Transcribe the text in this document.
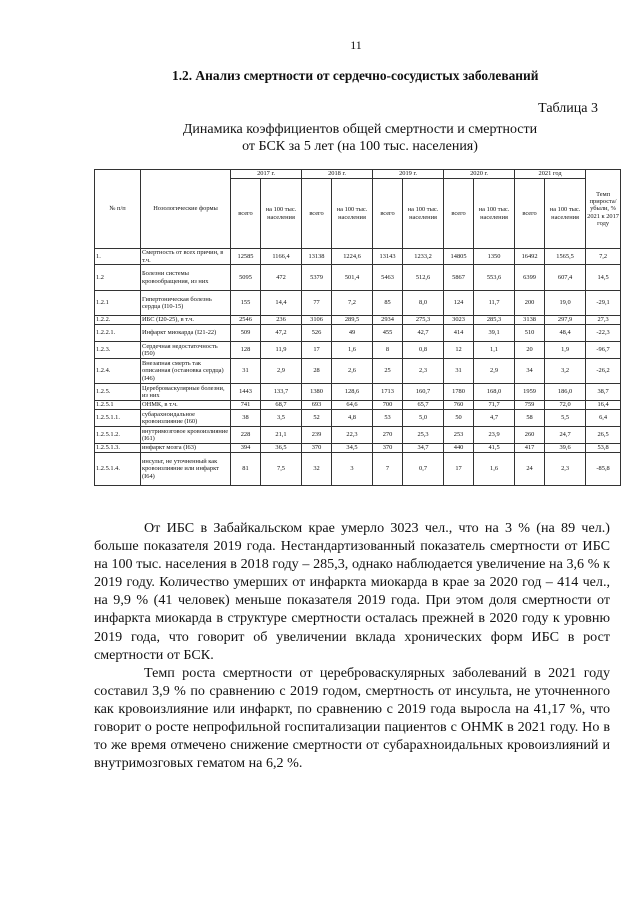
11
1.2. Анализ смертности от сердечно-сосудистых заболеваний
Таблица 3
Динамика коэффициентов общей смертности и смертности
от БСК за 5 лет (на 100 тыс. населения)
№ п/п	Нозологические формы	2017 г.		2018 г.		2019 г.		2020 г.		2021 год		Темп прироста/убыли, % 2021 к 2017 году
		всего	на 100 тыс. населения	всего	на 100 тыс. населения	всего	на 100 тыс. населения	всего	на 100 тыс. населения	всего	на 100 тыс. населения	
1.	Смертность от всех причин, в т.ч.	12585	1166,4	13138	1224,6	13143	1233,2	14805	1350	16492	1565,5	7,2
1.2	Болезни системы кровообращения, из них	5095	472	5379	501,4	5463	512,6	5867	553,6	6399	607,4	14,5
1.2.1	Гипертоническая болезнь сердца (I10-15)	155	14,4	77	7,2	85	8,0	124	11,7	200	19,0	-29,1
1.2.2.	ИБС (I20-25), в т.ч.	2546	236	3106	289,5	2934	275,3	3023	285,3	3138	297,9	27,3
1.2.2.1.	Инфаркт миокарда (I21-22)	509	47,2	526	49	455	42,7	414	39,1	510	48,4	-22,3
1.2.3.	Сердечная недостаточность (I50)	128	11,9	17	1,6	8	0,8	12	1,1	20	1,9	-96,7
1.2.4.	Внезапная смерть так описанная (остановка сердца) (I46)	31	2,9	28	2,6	25	2,3	31	2,9	34	3,2	-26,2
1.2.5.	Цереброваскулярные болезни, из них	1443	133,7	1380	128,6	1713	160,7	1780	168,0	1959	186,0	38,7
1.2.5.1	ОНМК, в т.ч.	741	68,7	693	64,6	700	65,7	760	71,7	759	72,0	16,4
1.2.5.1.1.	субарахноидальное кровоизлияние (I60)	38	3,5	52	4,8	53	5,0	50	4,7	58	5,5	6,4
1.2.5.1.2.	внутримозговое кровоизлияние (I61)	228	21,1	239	22,3	270	25,3	253	23,9	260	24,7	26,5
1.2.5.1.3.	инфаркт мозга (I63)	394	36,5	370	34,5	370	34,7	440	41,5	417	39,6	53,8
1.2.5.1.4.	инсульт, не уточненный как кровоизлияние или инфаркт (I64)	81	7,5	32	3	7	0,7	17	1,6	24	2,3	-85,8

От ИБС в Забайкальском крае умерло 3023 чел., что на 3 % (на 89 чел.) больше показателя 2019 года. Нестандартизованный показатель смертности от ИБС на 100 тыс. населения в 2018 году – 285,3, однако наблюдается увеличение на 3,6 % к 2019 году. Количество умерших от инфаркта миокарда в крае за 2020 год – 414 чел., на 9,9 % (41 человек) меньше показателя 2019 года. При этом доля смертности от инфаркта миокарда в структуре смертности осталась прежней в 2020 году к уровню 2019 года, что говорит об увеличении вклада хронических форм ИБС в рост смертности от БСК.

Темп роста смертности от цереброваскулярных заболеваний в 2021 году составил 3,9 % по сравнению с 2019 годом, смертность от инсульта, не уточненного как кровоизлияние или инфаркт, по сравнению с 2019 года выросла на 41,17 %, что говорит о росте непрофильной госпитализации пациентов с ОНМК в 2021 году. Но в то же время отмечено снижение смертности от субарахноидальных кровоизлияний и внутримозговых гематом на 6,2 %.
